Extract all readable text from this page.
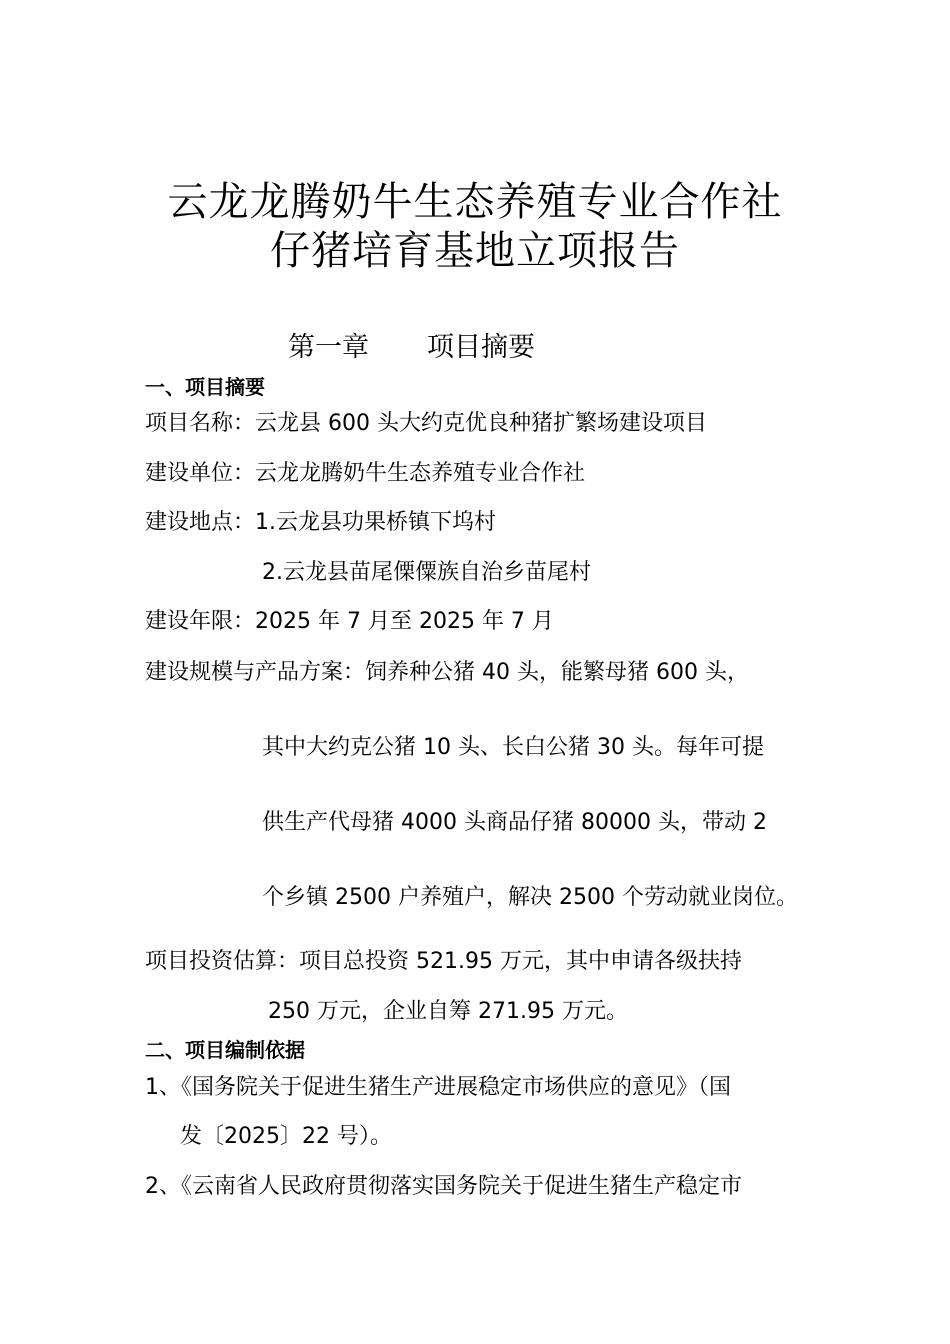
云龙龙腾奶牛生态养殖专业合作社
仔猪培育基地立项报告
第一章 项目摘要
一、项目摘要
项目名称：云龙县 600 头大约克优良种猪扩繁场建设项目
建设单位：云龙龙腾奶牛生态养殖专业合作社
建设地点：1.云龙县功果桥镇下坞村
2.云龙县苗尾傈僳族自治乡苗尾村
建设年限：2025 年 7 月至 2025 年 7 月
建设规模与产品方案：饲养种公猪 40 头，能繁母猪 600 头，
其中大约克公猪 10 头、长白公猪 30 头。每年可提
供生产代母猪 4000 头商品仔猪 80000 头，带动 2
个乡镇 2500 户养殖户，解决 2500 个劳动就业岗位。
项目投资估算：项目总投资 521.95 万元，其中申请各级扶持
250 万元，企业自筹 271.95 万元。
二、项目编制依据
1、《国务院关于促进生猪生产进展稳定市场供应的意见》（国
发〔2025〕22 号）。
2、《云南省人民政府贯彻落实国务院关于促进生猪生产稳定市
